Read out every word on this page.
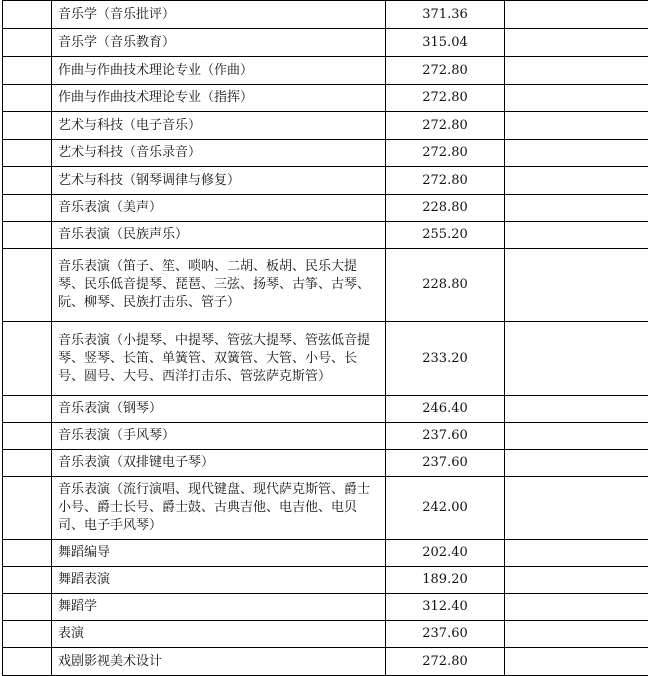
	音乐学（音乐批评）	371.36	
	音乐学（音乐教育）	315.04	
	作曲与作曲技术理论专业（作曲）	272.80	
	作曲与作曲技术理论专业（指挥）	272.80	
	艺术与科技（电子音乐）	272.80	
	艺术与科技（音乐录音）	272.80	
	艺术与科技（钢琴调律与修复）	272.80	
	音乐表演（美声）	228.80	
	音乐表演（民族声乐）	255.20	
	音乐表演（笛子、笙、唢呐、二胡、板胡、民乐大提琴、民乐低音提琴、琵琶、三弦、扬琴、古筝、古琴、阮、柳琴、民族打击乐、管子）	228.80	
	音乐表演（小提琴、中提琴、管弦大提琴、管弦低音提琴、竖琴、长笛、单簧管、双簧管、大管、小号、长号、圆号、大号、西洋打击乐、管弦萨克斯管）	233.20	
	音乐表演（钢琴）	246.40	
	音乐表演（手风琴）	237.60	
	音乐表演（双排键电子琴）	237.60	
	音乐表演（流行演唱、现代键盘、现代萨克斯管、爵士小号、爵士长号、爵士鼓、古典吉他、电吉他、电贝司、电子手风琴）	242.00	
	舞蹈编导	202.40	
	舞蹈表演	189.20	
	舞蹈学	312.40	
	表演	237.60	
	戏剧影视美术设计	272.80	
